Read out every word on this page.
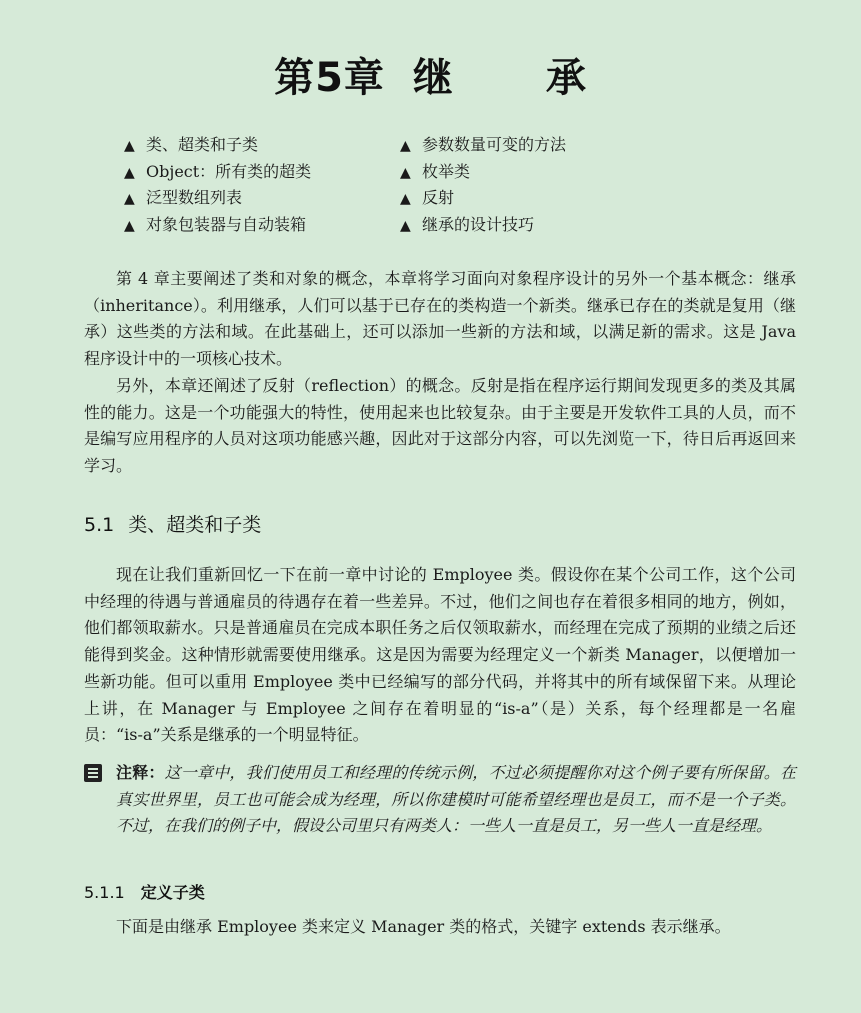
第5章 继 承
▲ 类、超类和子类
▲ Object：所有类的超类
▲ 泛型数组列表
▲ 对象包装器与自动装箱
▲ 参数数量可变的方法
▲ 枚举类
▲ 反射
▲ 继承的设计技巧

第 4 章主要阐述了类和对象的概念，本章将学习面向对象程序设计的另外一个基本概念：继承（inheritance）。利用继承，人们可以基于已存在的类构造一个新类。继承已存在的类就是复用（继承）这些类的方法和域。在此基础上，还可以添加一些新的方法和域，以满足新的需求。这是 Java 程序设计中的一项核心技术。

另外，本章还阐述了反射（reflection）的概念。反射是指在程序运行期间发现更多的类及其属性的能力。这是一个功能强大的特性，使用起来也比较复杂。由于主要是开发软件工具的人员，而不是编写应用程序的人员对这项功能感兴趣，因此对于这部分内容，可以先浏览一下，待日后再返回来学习。

5.1 类、超类和子类

现在让我们重新回忆一下在前一章中讨论的 Employee 类。假设你在某个公司工作，这个公司中经理的待遇与普通雇员的待遇存在着一些差异。不过，他们之间也存在着很多相同的地方，例如，他们都领取薪水。只是普通雇员在完成本职任务之后仅领取薪水，而经理在完成了预期的业绩之后还能得到奖金。这种情形就需要使用继承。这是因为需要为经理定义一个新类 Manager，以便增加一些新功能。但可以重用 Employee 类中已经编写的部分代码，并将其中的所有域保留下来。从理论上讲，在 Manager 与 Employee 之间存在着明显的“is-a”（是）关系，每个经理都是一名雇员：“is-a”关系是继承的一个明显特征。

注释：这一章中，我们使用员工和经理的传统示例，不过必须提醒你对这个例子要有所保留。在真实世界里，员工也可能会成为经理，所以你建模时可能希望经理也是员工，而不是一个子类。不过，在我们的例子中，假设公司里只有两类人：一些人一直是员工，另一些人一直是经理。

5.1.1 定义子类

下面是由继承 Employee 类来定义 Manager 类的格式，关键字 extends 表示继承。
